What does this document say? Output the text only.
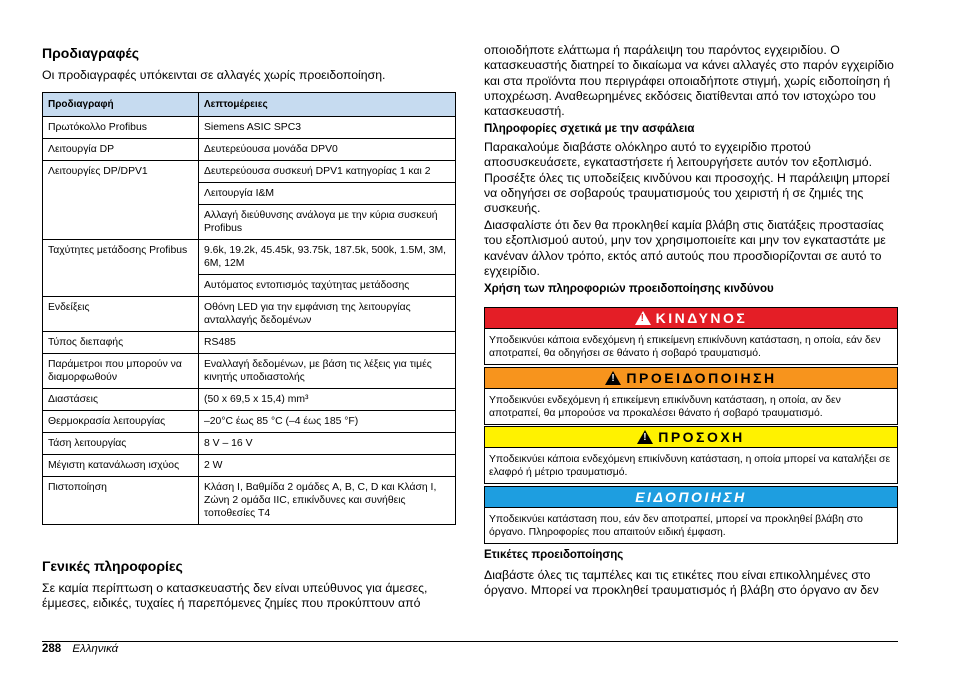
Προδιαγραφές
Οι προδιαγραφές υπόκεινται σε αλλαγές χωρίς προειδοποίηση.
Προδιαγραφή	Λεπτομέρειες
Πρωτόκολλο Profibus	Siemens ASIC SPC3
Λειτουργία DP	Δευτερεύουσα μονάδα DPV0
Λειτουργίες DP/DPV1	Δευτερεύουσα συσκευή DPV1 κατηγορίας 1 και 2
	Λειτουργία I&M
	Αλλαγή διεύθυνσης ανάλογα με την κύρια συσκευή Profibus
Ταχύτητες μετάδοσης Profibus	9.6k, 19.2k, 45.45k, 93.75k, 187.5k, 500k, 1.5M, 3M, 6M, 12M
	Αυτόματος εντοπισμός ταχύτητας μετάδοσης
Ενδείξεις	Οθόνη LED για την εμφάνιση της λειτουργίας ανταλλαγής δεδομένων
Τύπος διεπαφής	RS485
Παράμετροι που μπορούν να διαμορφωθούν	Εναλλαγή δεδομένων, με βάση τις λέξεις για τιμές κινητής υποδιαστολής
Διαστάσεις	(50 x 69,5 x 15,4) mm³
Θερμοκρασία λειτουργίας	–20°C έως 85 °C (–4 έως 185 °F)
Τάση λειτουργίας	8 V – 16 V
Μέγιστη κατανάλωση ισχύος	2 W
Πιστοποίηση	Κλάση I, Βαθμίδα 2 ομάδες A, B, C, D και Κλάση I, Ζώνη 2 ομάδα IIC, επικίνδυνες και συνήθεις τοποθεσίες T4
Γενικές πληροφορίες
Σε καμία περίπτωση ο κατασκευαστής δεν είναι υπεύθυνος για άμεσες, έμμεσες, ειδικές, τυχαίες ή παρεπόμενες ζημίες που προκύπτουν από
οποιοδήποτε ελάττωμα ή παράλειψη του παρόντος εγχειριδίου. Ο κατασκευαστής διατηρεί το δικαίωμα να κάνει αλλαγές στο παρόν εγχειρίδιο και στα προϊόντα που περιγράφει οποιαδήποτε στιγμή, χωρίς ειδοποίηση ή υποχρέωση. Αναθεωρημένες εκδόσεις διατίθενται από τον ιστοχώρο του κατασκευαστή.
Πληροφορίες σχετικά με την ασφάλεια
Παρακαλούμε διαβάστε ολόκληρο αυτό το εγχειρίδιο προτού αποσυσκευάσετε, εγκαταστήσετε ή λειτουργήσετε αυτόν τον εξοπλισμό. Προσέξτε όλες τις υποδείξεις κινδύνου και προσοχής. Η παράλειψη μπορεί να οδηγήσει σε σοβαρούς τραυματισμούς του χειριστή ή σε ζημιές της συσκευής.
Διασφαλίστε ότι δεν θα προκληθεί καμία βλάβη στις διατάξεις προστασίας του εξοπλισμού αυτού, μην τον χρησιμοποιείτε και μην τον εγκαταστάτε με κανέναν άλλον τρόπο, εκτός από αυτούς που προσδιορίζονται σε αυτό το εγχειρίδιο.
Χρήση των πληροφοριών προειδοποίησης κινδύνου
! ΚΙΝΔΥΝΟΣ
Υποδεικνύει κάποια ενδεχόμενη ή επικείμενη επικίνδυνη κατάσταση, η οποία, εάν δεν αποτραπεί, θα οδηγήσει σε θάνατο ή σοβαρό τραυματισμό.
! ΠΡΟΕΙΔΟΠΟΙΗΣΗ
Υποδεικνύει ενδεχόμενη ή επικείμενη επικίνδυνη κατάσταση, η οποία, αν δεν αποτραπεί, θα μπορούσε να προκαλέσει θάνατο ή σοβαρό τραυματισμό.
! ΠΡΟΣΟΧΗ
Υποδεικνύει κάποια ενδεχόμενη επικίνδυνη κατάσταση, η οποία μπορεί να καταλήξει σε ελαφρό ή μέτριο τραυματισμό.
ΕΙΔΟΠΟΙΗΣΗ
Υποδεικνύει κατάσταση που, εάν δεν αποτραπεί, μπορεί να προκληθεί βλάβη στο όργανο. Πληροφορίες που απαιτούν ειδική έμφαση.
Ετικέτες προειδοποίησης
Διαβάστε όλες τις ταμπέλες και τις ετικέτες που είναι επικολλημένες στο όργανο. Μπορεί να προκληθεί τραυματισμός ή βλάβη στο όργανο αν δεν
288 Ελληνικά
